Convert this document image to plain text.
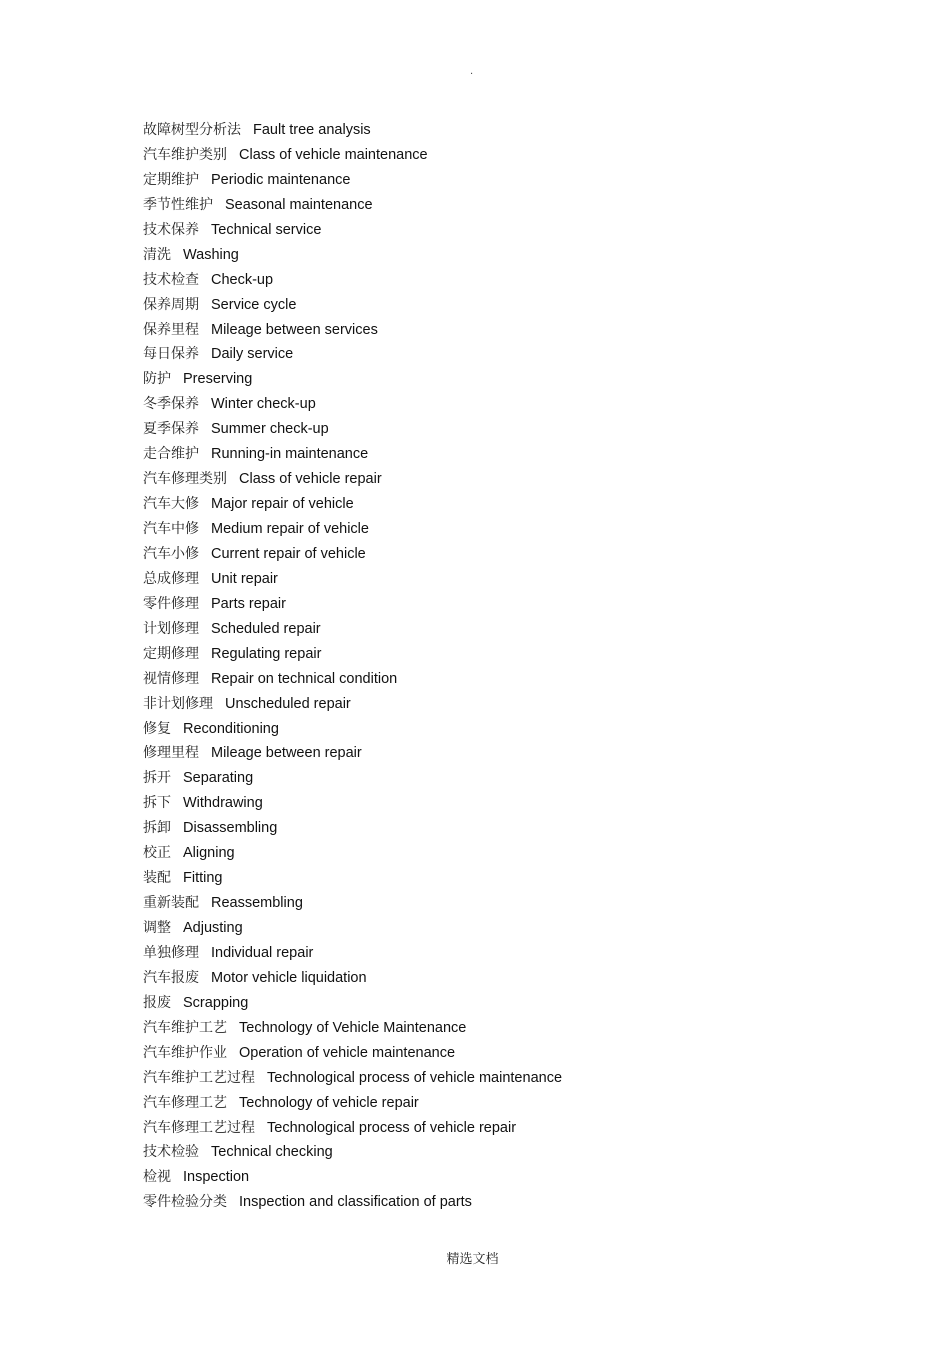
.
故障树型分析法 Fault tree analysis
汽车维护类别 Class of vehicle maintenance
定期维护 Periodic maintenance
季节性维护 Seasonal maintenance
技术保养 Technical service
清洗 Washing
技术检查 Check-up
保养周期 Service cycle
保养里程 Mileage between services
每日保养 Daily service
防护 Preserving
冬季保养 Winter check-up
夏季保养 Summer check-up
走合维护 Running-in maintenance
汽车修理类别 Class of vehicle repair
汽车大修 Major repair of vehicle
汽车中修 Medium repair of vehicle
汽车小修 Current repair of vehicle
总成修理 Unit repair
零件修理 Parts repair
计划修理 Scheduled repair
定期修理 Regulating repair
视情修理 Repair on technical condition
非计划修理 Unscheduled repair
修复 Reconditioning
修理里程 Mileage between repair
拆开 Separating
拆下 Withdrawing
拆卸 Disassembling
校正 Aligning
装配 Fitting
重新装配 Reassembling
调整 Adjusting
单独修理 Individual repair
汽车报废 Motor vehicle liquidation
报废 Scrapping
汽车维护工艺 Technology of Vehicle Maintenance
汽车维护作业 Operation of vehicle maintenance
汽车维护工艺过程 Technological process of vehicle maintenance
汽车修理工艺 Technology of vehicle repair
汽车修理工艺过程 Technological process of vehicle repair
技术检验 Technical checking
检视 Inspection
零件检验分类 Inspection and classification of parts
精选文档
